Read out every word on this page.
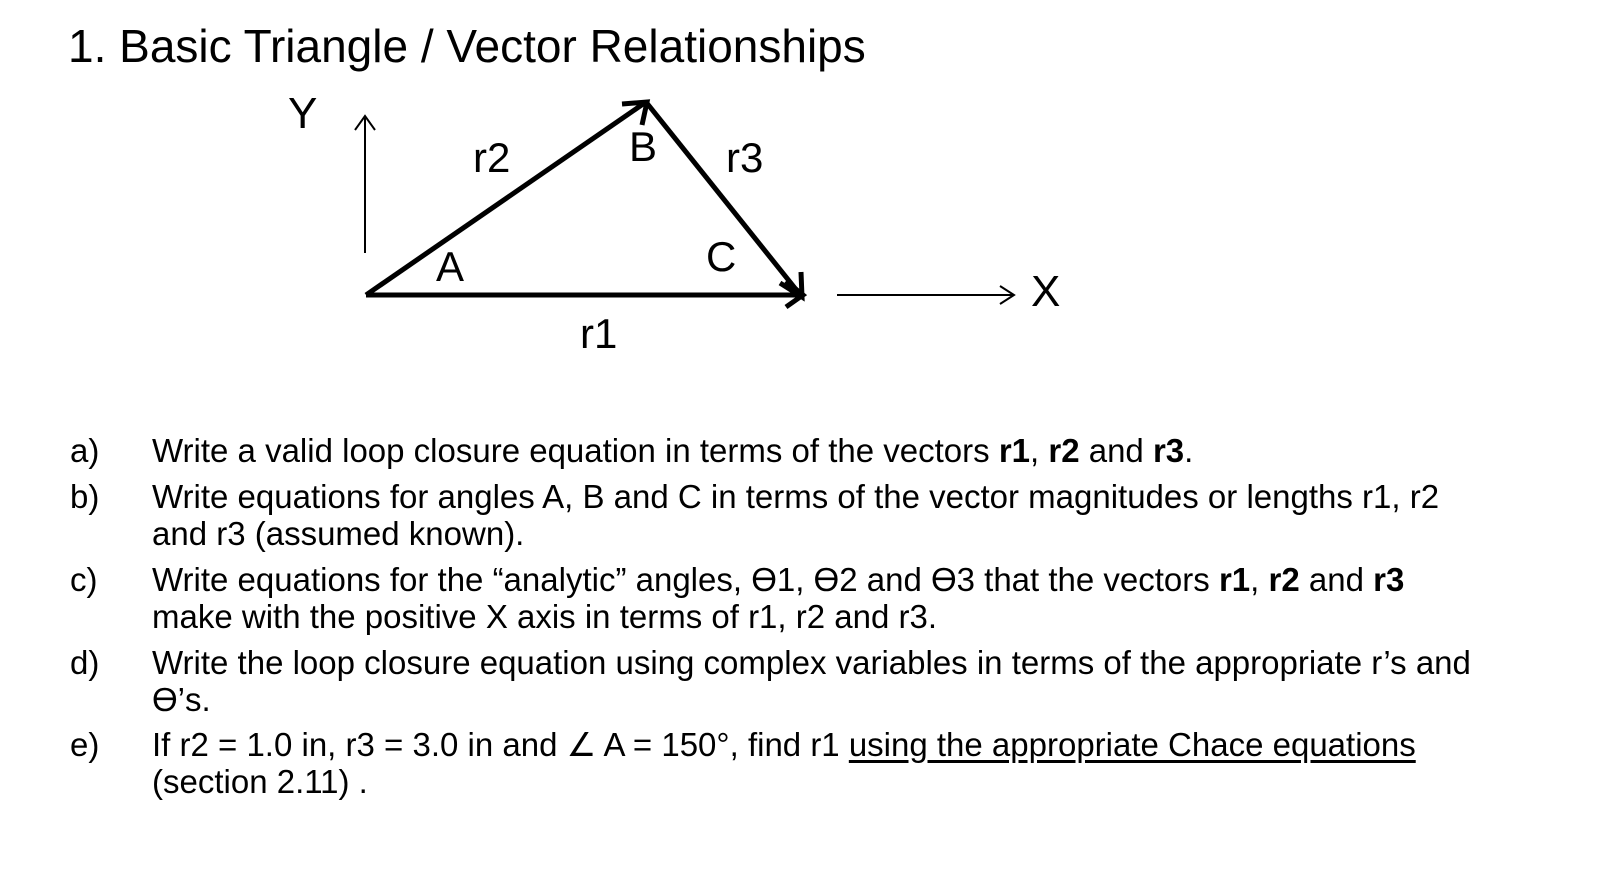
1. Basic Triangle / Vector Relationships
Y
X
r2	r3
r1
A
B
C
a)	Write a valid loop closure equation in terms of the vectors r1, r2 and r3.
b)	Write equations for angles A, B and C in terms of the vector magnitudes or lengths r1, r2 and r3 (assumed known).
c)	Write equations for the “analytic” angles, ϴ1, ϴ2 and ϴ3 that the vectors r1, r2 and r3 make with the positive X axis in terms of r1, r2 and r3.
d)	Write the loop closure equation using complex variables in terms of the appropriate r’s and ϴ’s.
e)	If r2 = 1.0 in, r3 = 3.0 in and ∠ A = 150°, find r1 using the appropriate Chace equations (section 2.11) .
